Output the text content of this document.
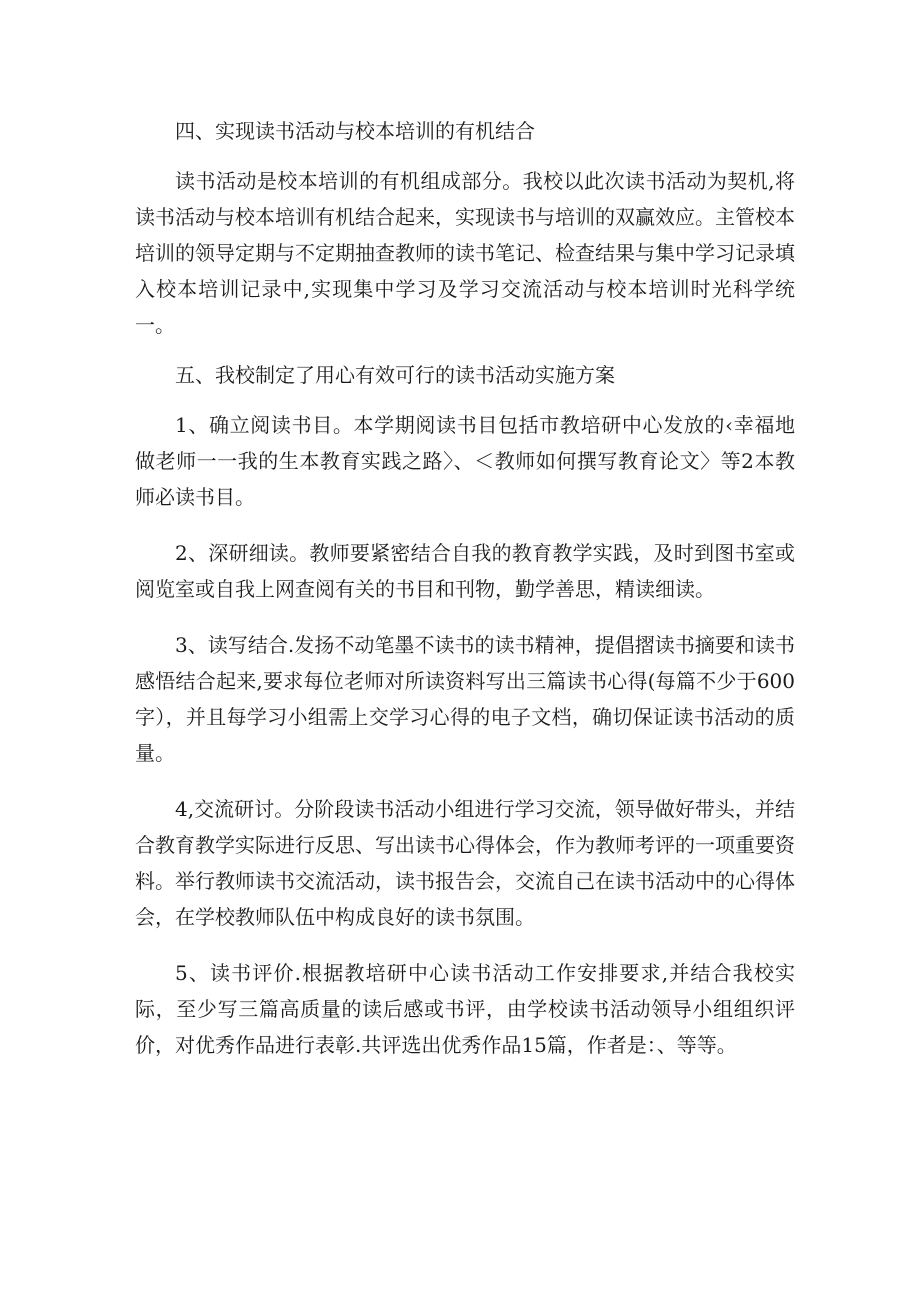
四、实现读书活动与校本培训的有机结合

读书活动是校本培训的有机组成部分。我校以此次读书活动为契机,将读书活动与校本培训有机结合起来，实现读书与培训的双赢效应。主管校本培训的领导定期与不定期抽查教师的读书笔记、检查结果与集中学习记录填入校本培训记录中,实现集中学习及学习交流活动与校本培训时光科学统一。

五、我校制定了用心有效可行的读书活动实施方案

1、确立阅读书目。本学期阅读书目包括市教培研中心发放的‹幸福地做老师一一我的生本教育实践之路〉、＜教师如何撰写教育论文〉等2本教师必读书目。

2、深研细读。教师要紧密结合自我的教育教学实践，及时到图书室或阅览室或自我上网查阅有关的书目和刊物，勤学善思，精读细读。

3、读写结合.发扬不动笔墨不读书的读书精神，提倡摺读书摘要和读书感悟结合起来,要求每位老师对所读资料写出三篇读书心得(每篇不少于600字），并且每学习小组需上交学习心得的电子文档，确切保证读书活动的质量。

4,交流研讨。分阶段读书活动小组进行学习交流，领导做好带头，并结合教育教学实际进行反思、写出读书心得体会，作为教师考评的一项重要资料。举行教师读书交流活动，读书报告会，交流自己在读书活动中的心得体会，在学校教师队伍中构成良好的读书氛围。

5、读书评价.根据教培研中心读书活动工作安排要求,并结合我校实际，至少写三篇高质量的读后感或书评，由学校读书活动领导小组组织评价，对优秀作品进行表彰.共评选出优秀作品15篇，作者是：、等等。
